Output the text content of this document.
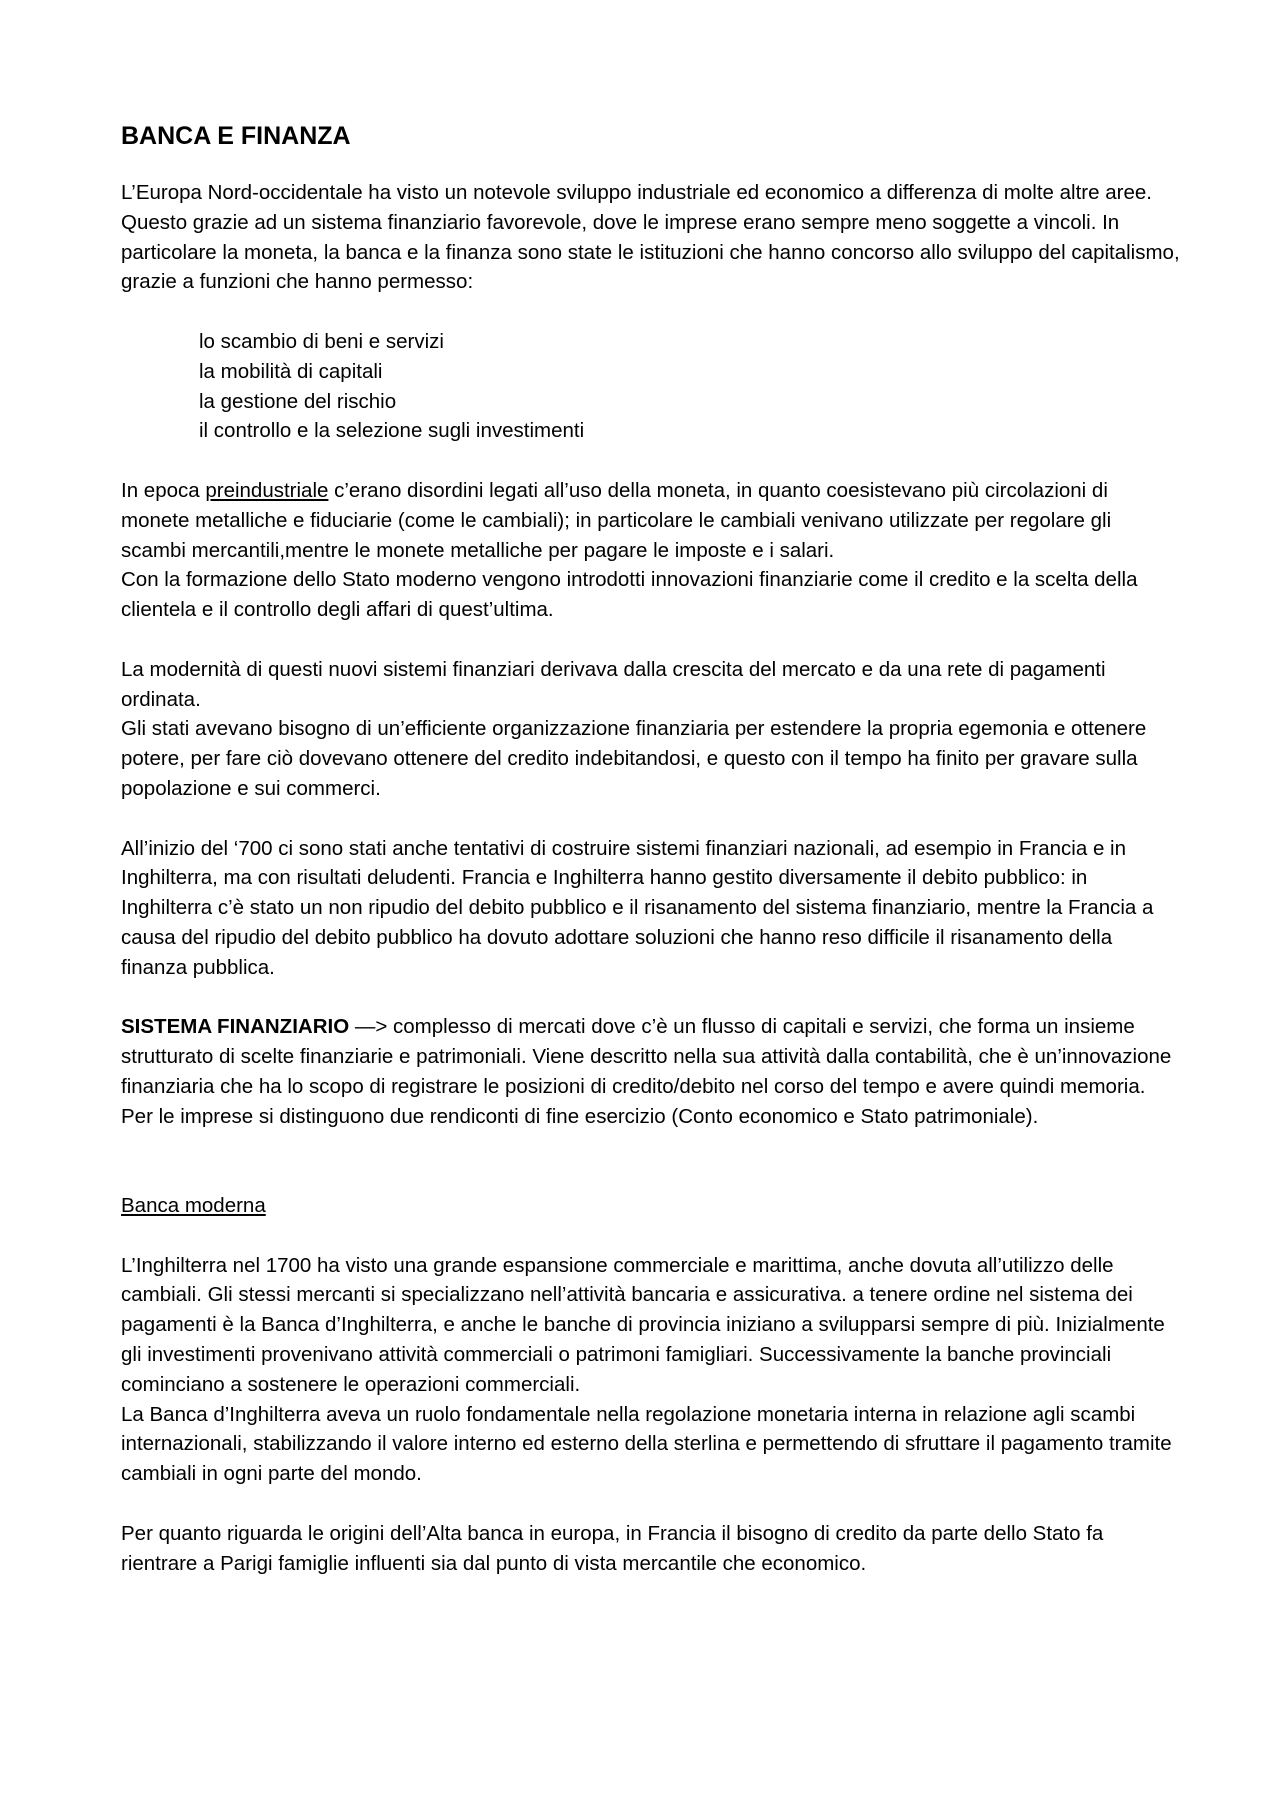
BANCA E FINANZA

L’Europa Nord-occidentale ha visto un notevole sviluppo industriale ed economico a differenza di molte altre aree. Questo grazie ad un sistema finanziario favorevole, dove le imprese erano sempre meno soggette a vincoli. In particolare la moneta, la banca e la finanza sono state le istituzioni che hanno concorso allo sviluppo del capitalismo, grazie a funzioni che hanno permesso:

lo scambio di beni e servizi
la mobilità di capitali
la gestione del rischio
il controllo e la selezione sugli investimenti

In epoca preindustriale c’erano disordini legati all’uso della moneta, in quanto coesistevano più circolazioni di monete metalliche e fiduciarie (come le cambiali); in particolare le cambiali venivano utilizzate per regolare gli scambi mercantili,mentre le monete metalliche per pagare le imposte e i salari.

Con la formazione dello Stato moderno vengono introdotti innovazioni finanziarie come il credito e la scelta della clientela e il controllo degli affari di quest’ultima.

La modernità di questi nuovi sistemi finanziari derivava dalla crescita del mercato e da una rete di pagamenti ordinata.

Gli stati avevano bisogno di un’efficiente organizzazione finanziaria per estendere la propria egemonia e ottenere potere, per fare ciò dovevano ottenere del credito indebitandosi, e questo con il tempo ha finito per gravare sulla popolazione e sui commerci.

All’inizio del ‘700 ci sono stati anche tentativi di costruire sistemi finanziari nazionali, ad esempio in Francia e in Inghilterra, ma con risultati deludenti. Francia e Inghilterra hanno gestito diversamente il debito pubblico: in Inghilterra c’è stato un non ripudio del debito pubblico e il risanamento del sistema finanziario, mentre la Francia a causa del ripudio del debito pubblico ha dovuto adottare soluzioni che hanno reso difficile il risanamento della finanza pubblica.

SISTEMA FINANZIARIO —> complesso di mercati dove c’è un flusso di capitali e servizi, che forma un insieme strutturato di scelte finanziarie e patrimoniali. Viene descritto nella sua attività dalla contabilità, che è un’innovazione finanziaria che ha lo scopo di registrare le posizioni di credito/debito nel corso del tempo e avere quindi memoria. Per le imprese si distinguono due rendiconti di fine esercizio (Conto economico e Stato patrimoniale).

Banca moderna

L’Inghilterra nel 1700 ha visto una grande espansione commerciale e marittima, anche dovuta all’utilizzo delle cambiali. Gli stessi mercanti si specializzano nell’attività bancaria e assicurativa. a tenere ordine nel sistema dei pagamenti è la Banca d’Inghilterra, e anche le banche di provincia iniziano a svilupparsi sempre di più. Inizialmente gli investimenti provenivano attività commerciali o patrimoni famigliari. Successivamente la banche provinciali cominciano a sostenere le operazioni commerciali.

La Banca d’Inghilterra aveva un ruolo fondamentale nella regolazione monetaria interna in relazione agli scambi internazionali, stabilizzando il valore interno ed esterno della sterlina e permettendo di sfruttare il pagamento tramite cambiali in ogni parte del mondo.

Per quanto riguarda le origini dell’Alta banca in europa, in Francia il bisogno di credito da parte dello Stato fa rientrare a Parigi famiglie influenti sia dal punto di vista mercantile che economico.
